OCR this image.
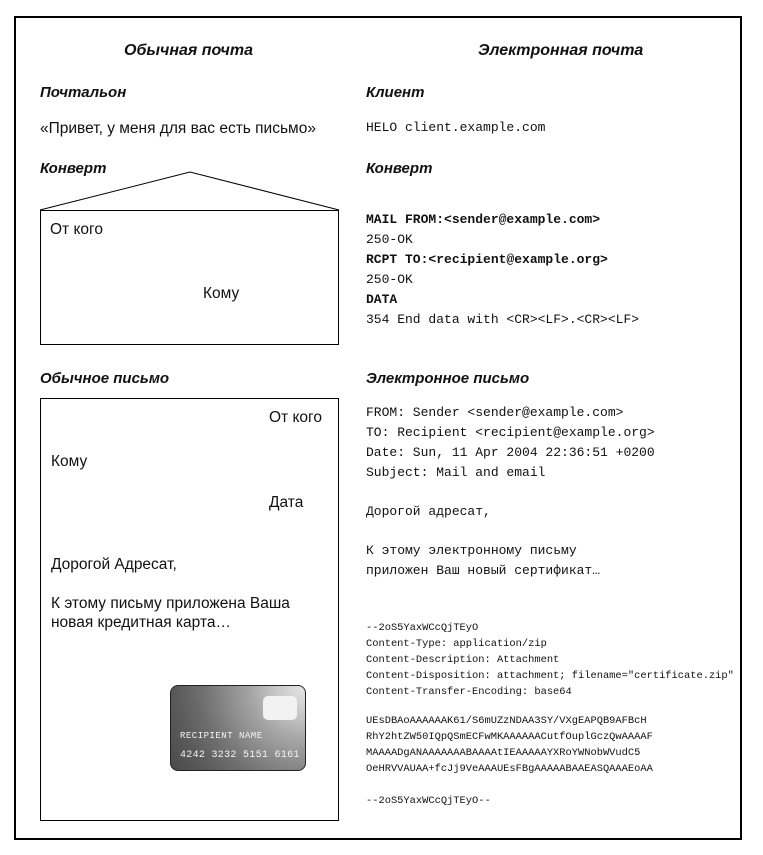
Обычная почта	Электронная почта
Почтальон
«Привет, у меня для вас есть письмо»
Конверт
От кого
Кому
Обычное письмо
От кого
Кому
Дата
Дорогой Адресат,
К этому письму приложена Ваша
новая кредитная карта…
RECIPIENT NAME
4242 3232 5151 6161
Клиент
HELO client.example.com
Конверт
MAIL FROM:<sender@example.com>
250-OK
RCPT TO:<recipient@example.org>
250-OK
DATA
354 End data with <CR><LF>.<CR><LF>
Электронное письмо
FROM: Sender <sender@example.com>
TO: Recipient <recipient@example.org>
Date: Sun, 11 Apr 2004 22:36:51 +0200
Subject: Mail and email
Дорогой адресат,
К этому электронному письму
приложен Ваш новый сертификат…
--2oS5YaxWCcQjTEyO
Content-Type: application/zip
Content-Description: Attachment
Content-Disposition: attachment; filename="certificate.zip"
Content-Transfer-Encoding: base64
UEsDBAoAAAAAAK61/S6mUZzNDAA3SY/VXgEAPQB9AFBcH
RhY2htZW50IQpQSmECFwMKAAAAAACutfOuplGczQwAAAAF
MAAAADgANAAAAAAABAAAAtIEAAAAAYXRoYWNobWVudC5
OeHRVVAUAA+fcJj9VeAAAUEsFBgAAAAABAAEASQAAAEoAA
--2oS5YaxWCcQjTEyO--
